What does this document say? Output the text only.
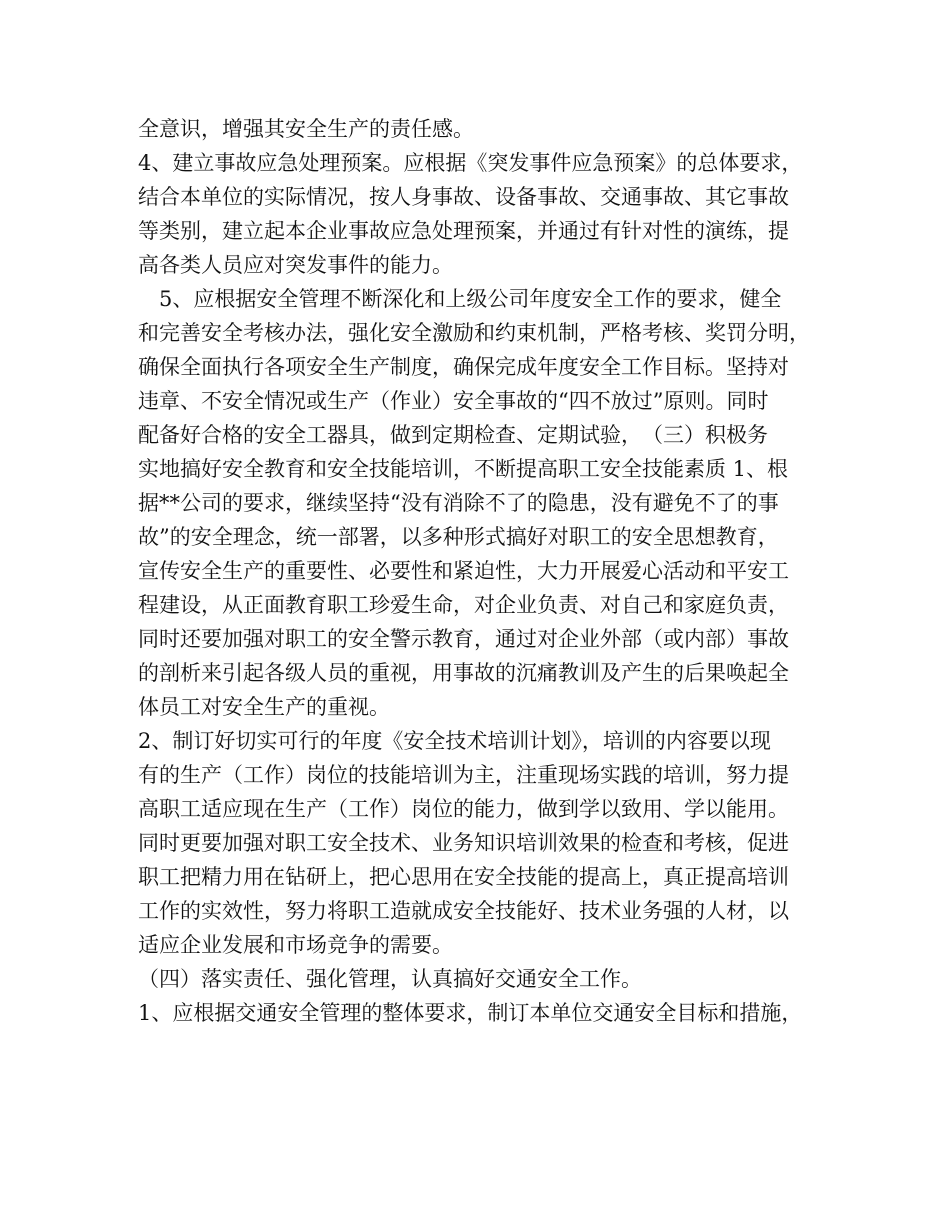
全意识，增强其安全生产的责任感。
4、建立事故应急处理预案。应根据《突发事件应急预案》的总体要求，
结合本单位的实际情况，按人身事故、设备事故、交通事故、其它事故
等类别，建立起本企业事故应急处理预案，并通过有针对性的演练，提
高各类人员应对突发事件的能力。
　5、应根据安全管理不断深化和上级公司年度安全工作的要求，健全
和完善安全考核办法，强化安全激励和约束机制，严格考核、奖罚分明，
确保全面执行各项安全生产制度，确保完成年度安全工作目标。坚持对
违章、不安全情况或生产（作业）安全事故的“四不放过”原则。同时
配备好合格的安全工器具，做到定期检查、定期试验，　（三）积极务
实地搞好安全教育和安全技能培训，不断提高职工安全技能素质 1、根
据**公司的要求，继续坚持“没有消除不了的隐患，没有避免不了的事
故”的安全理念，统一部署，以多种形式搞好对职工的安全思想教育，
宣传安全生产的重要性、必要性和紧迫性，大力开展爱心活动和平安工
程建设，从正面教育职工珍爱生命，对企业负责、对自己和家庭负责，
同时还要加强对职工的安全警示教育，通过对企业外部（或内部）事故
的剖析来引起各级人员的重视，用事故的沉痛教训及产生的后果唤起全
体员工对安全生产的重视。
2、制订好切实可行的年度《安全技术培训计划》，培训的内容要以现
有的生产（工作）岗位的技能培训为主，注重现场实践的培训，努力提
高职工适应现在生产（工作）岗位的能力，做到学以致用、学以能用。
同时更要加强对职工安全技术、业务知识培训效果的检查和考核，促进
职工把精力用在钻研上，把心思用在安全技能的提高上，真正提高培训
工作的实效性，努力将职工造就成安全技能好、技术业务强的人材，以
适应企业发展和市场竞争的需要。
（四）落实责任、强化管理，认真搞好交通安全工作。
1、应根据交通安全管理的整体要求，制订本单位交通安全目标和措施，
